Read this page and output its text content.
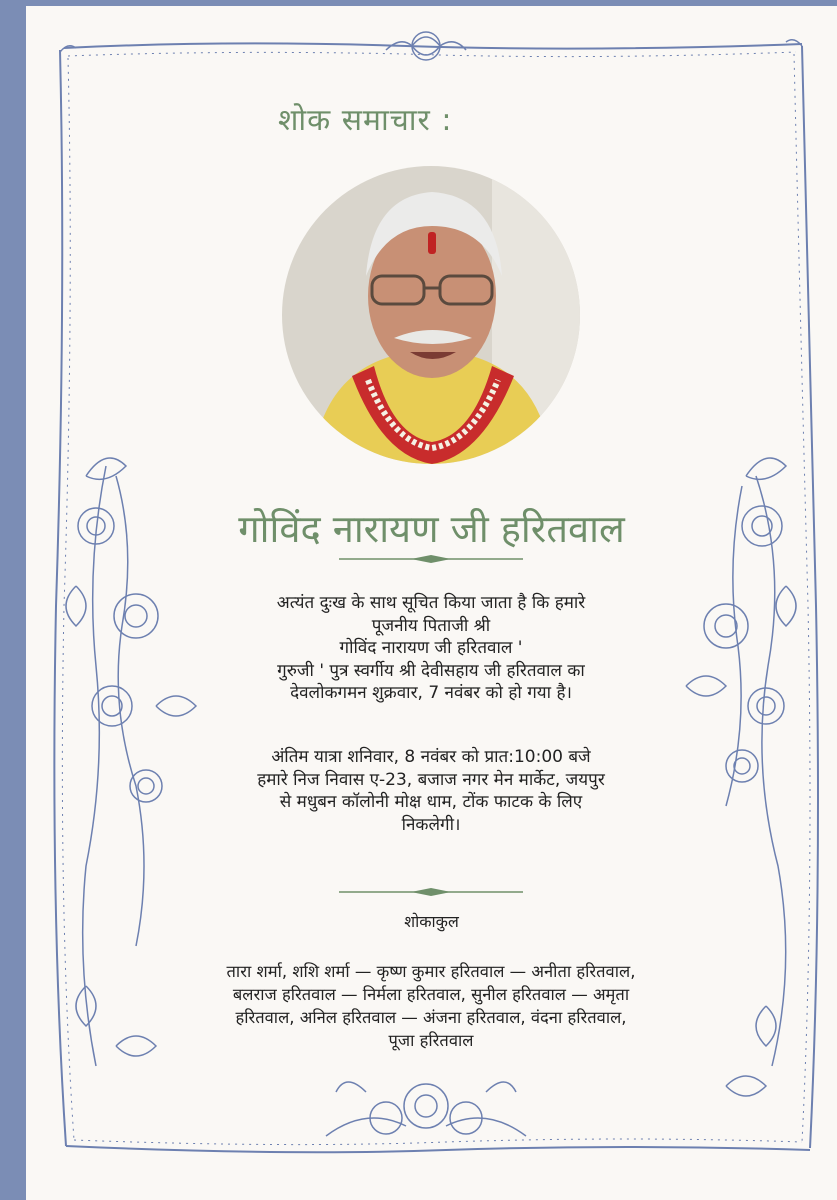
शोक समाचार :
गोविंद नारायण जी हरितवाल
अत्यंत दुःख के साथ सूचित किया जाता है कि हमारे
पूजनीय पिताजी श्री
गोविंद नारायण जी हरितवाल '
गुरुजी ' पुत्र स्वर्गीय श्री देवीसहाय जी हरितवाल का
देवलोकगमन शुक्रवार, 7 नवंबर को हो गया है।
अंतिम यात्रा शनिवार, 8 नवंबर को प्रात:10:00 बजे
हमारे निज निवास ए-23, बजाज नगर मेन मार्केट, जयपुर
से मधुबन कॉलोनी मोक्ष धाम, टोंक फाटक के लिए
निकलेगी।
शोकाकुल
तारा शर्मा, शशि शर्मा — कृष्ण कुमार हरितवाल — अनीता हरितवाल,
बलराज हरितवाल — निर्मला हरितवाल, सुनील हरितवाल — अमृता
हरितवाल, अनिल हरितवाल — अंजना हरितवाल, वंदना हरितवाल,
पूजा हरितवाल
